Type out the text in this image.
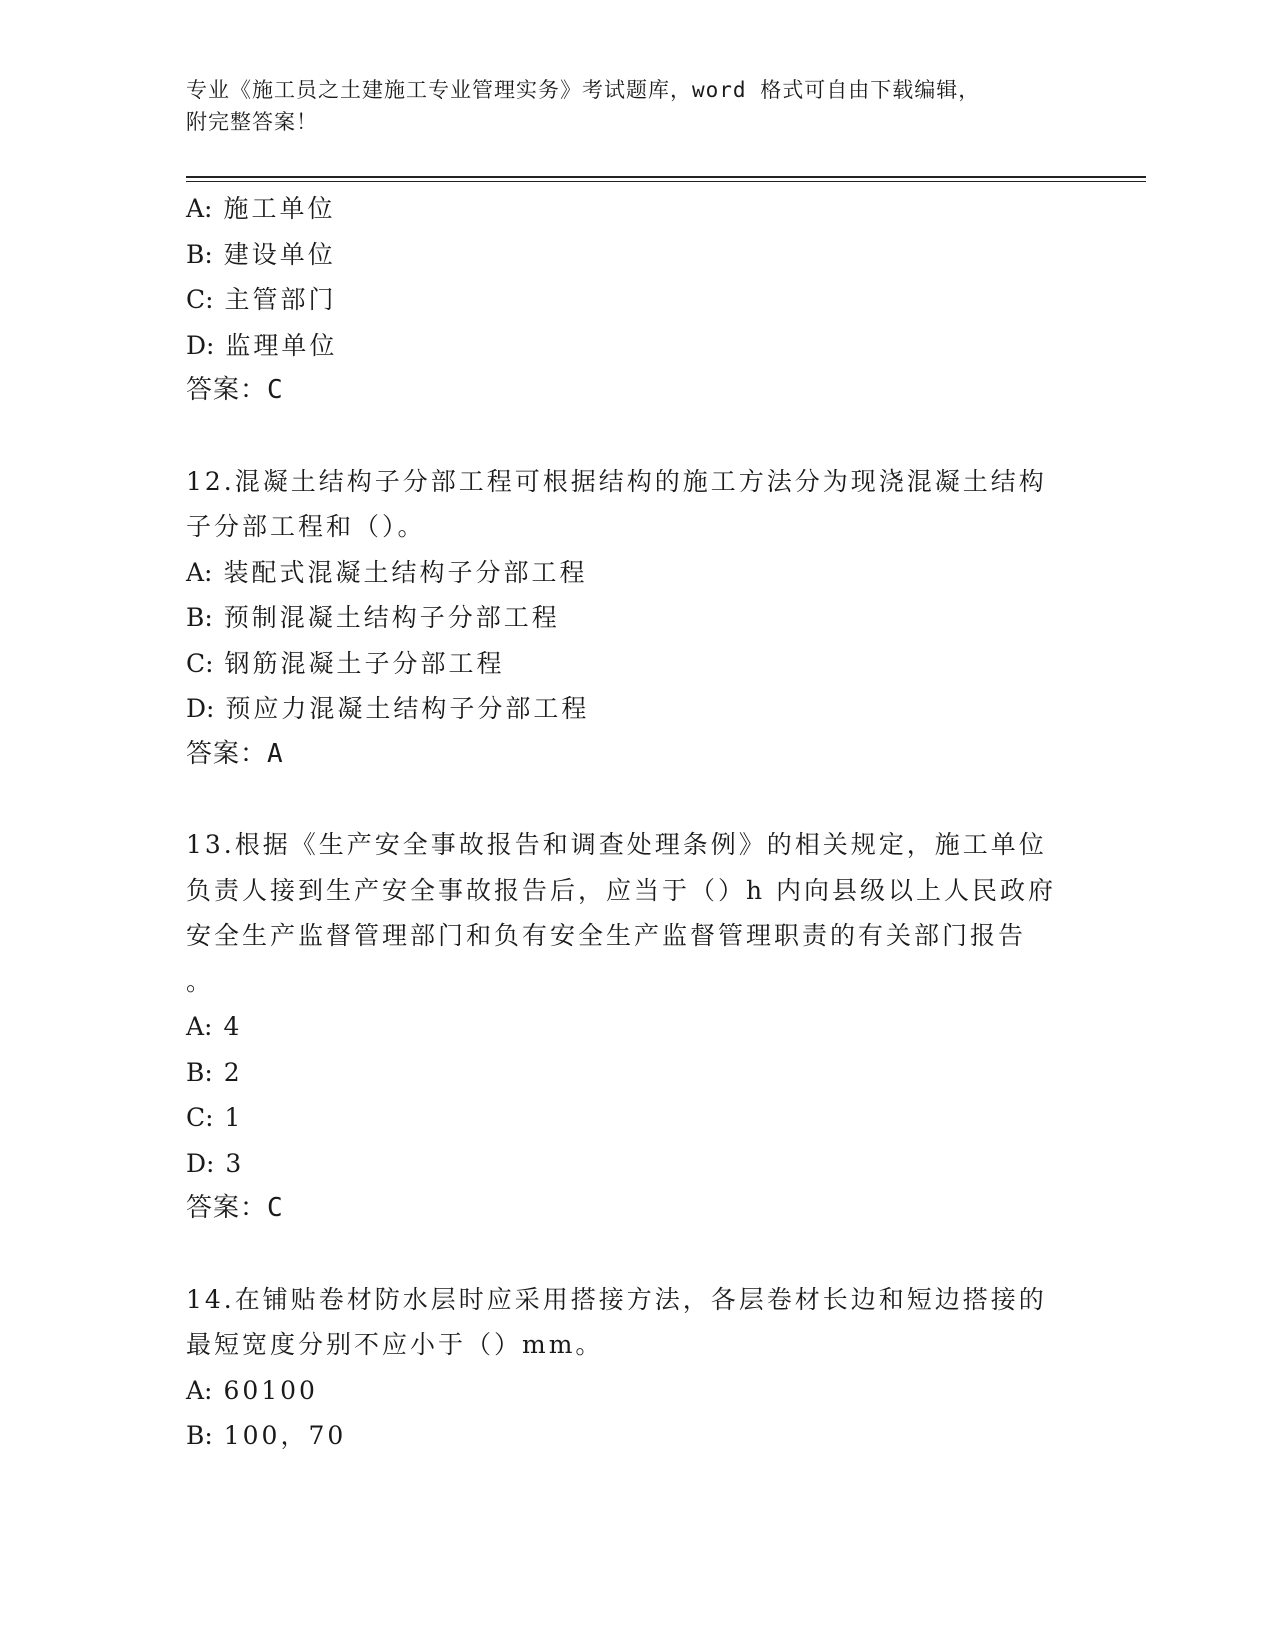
专业《施工员之土建施工专业管理实务》考试题库，word 格式可自由下载编辑，
附完整答案！
A: 施工单位
B: 建设单位
C: 主管部门
D: 监理单位
答案：C
12.混凝土结构子分部工程可根据结构的施工方法分为现浇混凝土结构
子分部工程和（）。
A: 装配式混凝土结构子分部工程
B: 预制混凝土结构子分部工程
C: 钢筋混凝土子分部工程
D: 预应力混凝土结构子分部工程
答案：A
13.根据《生产安全事故报告和调查处理条例》的相关规定，施工单位
负责人接到生产安全事故报告后，应当于（）h 内向县级以上人民政府
安全生产监督管理部门和负有安全生产监督管理职责的有关部门报告
。
A: 4
B: 2
C: 1
D: 3
答案：C
14.在铺贴卷材防水层时应采用搭接方法，各层卷材长边和短边搭接的
最短宽度分别不应小于（）mm。
A: 60100
B: 100，70
